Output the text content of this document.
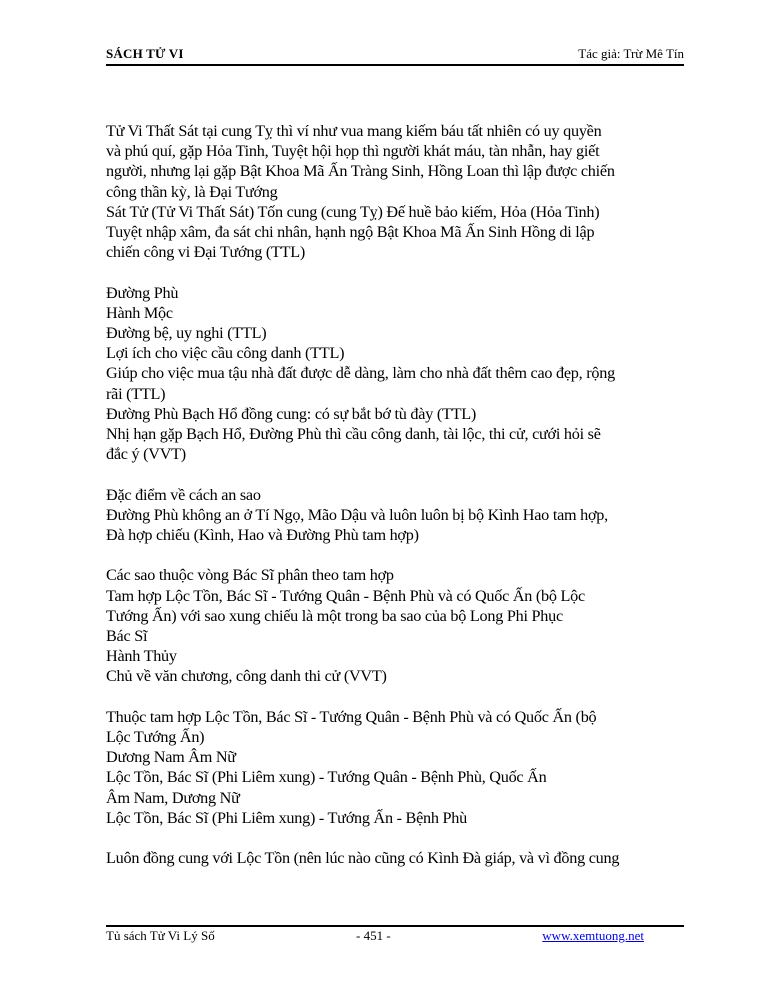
SÁCH TỬ VI	Tác giả: Trừ Mê Tín

Tử Vi Thất Sát tại cung Tỵ thì ví như vua mang kiếm báu tất nhiên có uy quyền
và phú quí, gặp Hỏa Tinh, Tuyệt hội họp thì người khát máu, tàn nhẫn, hay giết
người, nhưng lại gặp Bật Khoa Mã Ấn Tràng Sinh, Hồng Loan thì lập được chiến
công thần kỳ, là Đại Tướng
Sát Tử (Tử Vi Thất Sát) Tốn cung (cung Tỵ) Đế huề bảo kiếm, Hỏa (Hỏa Tinh)
Tuyệt nhập xâm, đa sát chi nhân, hạnh ngộ Bật Khoa Mã Ấn Sinh Hồng di lập
chiến công vi Đại Tướng (TTL)

Đường Phù
Hành Mộc
Đường bệ, uy nghi (TTL)
Lợi ích cho việc cầu công danh (TTL)
Giúp cho việc mua tậu nhà đất được dễ dàng, làm cho nhà đất thêm cao đẹp, rộng
rãi (TTL)
Đường Phù Bạch Hổ đồng cung: có sự bắt bớ tù đày (TTL)
Nhị hạn gặp Bạch Hổ, Đường Phù thì cầu công danh, tài lộc, thi cử, cưới hỏi sẽ
đắc ý (VVT)

Đặc điểm về cách an sao
Đường Phù không an ở Tí Ngọ, Mão Dậu và luôn luôn bị bộ Kình Hao tam hợp,
Đà hợp chiếu (Kình, Hao và Đường Phù tam hợp)

Các sao thuộc vòng Bác Sĩ phân theo tam hợp
Tam hợp Lộc Tồn, Bác Sĩ - Tướng Quân - Bệnh Phù và có Quốc Ấn (bộ Lộc
Tướng Ấn) với sao xung chiếu là một trong ba sao của bộ Long Phi Phục
Bác Sĩ
Hành Thủy
Chủ về văn chương, công danh thi cử (VVT)

Thuộc tam hợp Lộc Tồn, Bác Sĩ - Tướng Quân - Bệnh Phù và có Quốc Ấn (bộ
Lộc Tướng Ấn)
Dương Nam Âm Nữ
Lộc Tồn, Bác Sĩ (Phi Liêm xung) - Tướng Quân - Bệnh Phù, Quốc Ấn
Âm Nam, Dương Nữ
Lộc Tồn, Bác Sĩ (Phi Liêm xung) - Tướng Ấn - Bệnh Phù

Luôn đồng cung với Lộc Tồn (nên lúc nào cũng có Kình Đà giáp, và vì đồng cung

Tủ sách Tử Vi Lý Số	- 451 -	www.xemtuong.net
